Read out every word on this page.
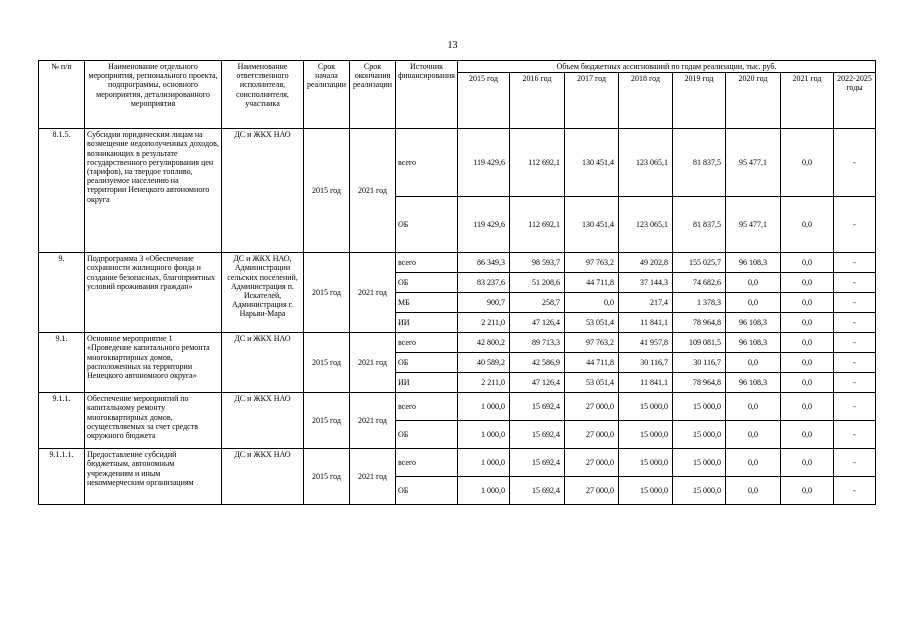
13
№ п/п	Наименование отдельного мероприятия, регионального проекта, подпрограммы, основного мероприятия, детализированного мероприятия	Наименование ответственного исполнителя, соисполнителя, участника	Срок начала реализации	Срок окончания реализации	Источник финансирования	Объем бюджетных ассигнований по годам реализации, тыс. руб.							
						2015 год	2016 год	2017 год	2018 год	2019 год	2020 год	2021 год	2022-2025 годы
8.1.5.	Субсидии юридическим лицам на возмещение недополученных доходов, возникающих в результате государственного регулирования цен (тарифов), на твердое топливо, реализуемое населению на территории Ненецкого автономного округа	ДС и ЖКХ НАО	2015 год	2021 год	всего	119 429,6	112 692,1	130 451,4	123 065,1	81 837,5	95 477,1	0,0	-
					ОБ	119 429,6	112 692,1	130 451,4	123 065,1	81 837,5	95 477,1	0,0	-
9.	Подпрограмма 3 «Обеспечение сохранности жилищного фонда и создание безопасных, благоприятных условий проживания граждан»	ДС и ЖКХ НАО, Администрации сельских поселений, Администрация п. Искателей, Администрация г. Нарьян-Мара	2015 год	2021 год	всего	86 349,3	98 593,7	97 763,2	49 202,8	155 025,7	96 108,3	0,0	-
					ОБ	83 237,6	51 208,6	44 711,8	37 144,3	74 682,6	0,0	0,0	-
					МБ	900,7	258,7	0,0	217,4	1 378,3	0,0	0,0	-
					ИИ	2 211,0	47 126,4	53 051,4	11 841,1	78 964,8	96 108,3	0,0	-
9.1.	Основное мероприятие 1 «Проведение капитального ремонта многоквартирных домов, расположенных на территории Ненецкого автономного округа»	ДС и ЖКХ НАО	2015 год	2021 год	всего	42 800,2	89 713,3	97 763,2	41 957,8	109 081,5	96 108,3	0,0	-
					ОБ	40 589,2	42 586,9	44 711,8	30 116,7	30 116,7	0,0	0,0	-
					ИИ	2 211,0	47 126,4	53 051,4	11 841,1	78 964,8	96 108,3	0,0	-
9.1.1.	Обеспечение мероприятий по капитальному ремонту многоквартирных домов, осуществляемых за счет средств окружного бюджета	ДС и ЖКХ НАО	2015 год	2021 год	всего	1 000,0	15 692,4	27 000,0	15 000,0	15 000,0	0,0	0,0	-
					ОБ	1 000,0	15 692,4	27 000,0	15 000,0	15 000,0	0,0	0,0	-
9.1.1.1.	Предоставление субсидий бюджетным, автономным учреждениям и иным некоммерческим организациям	ДС и ЖКХ НАО	2015 год	2021 год	всего	1 000,0	15 692,4	27 000,0	15 000,0	15 000,0	0,0	0,0	-
					ОБ	1 000,0	15 692,4	27 000,0	15 000,0	15 000,0	0,0	0,0	-
